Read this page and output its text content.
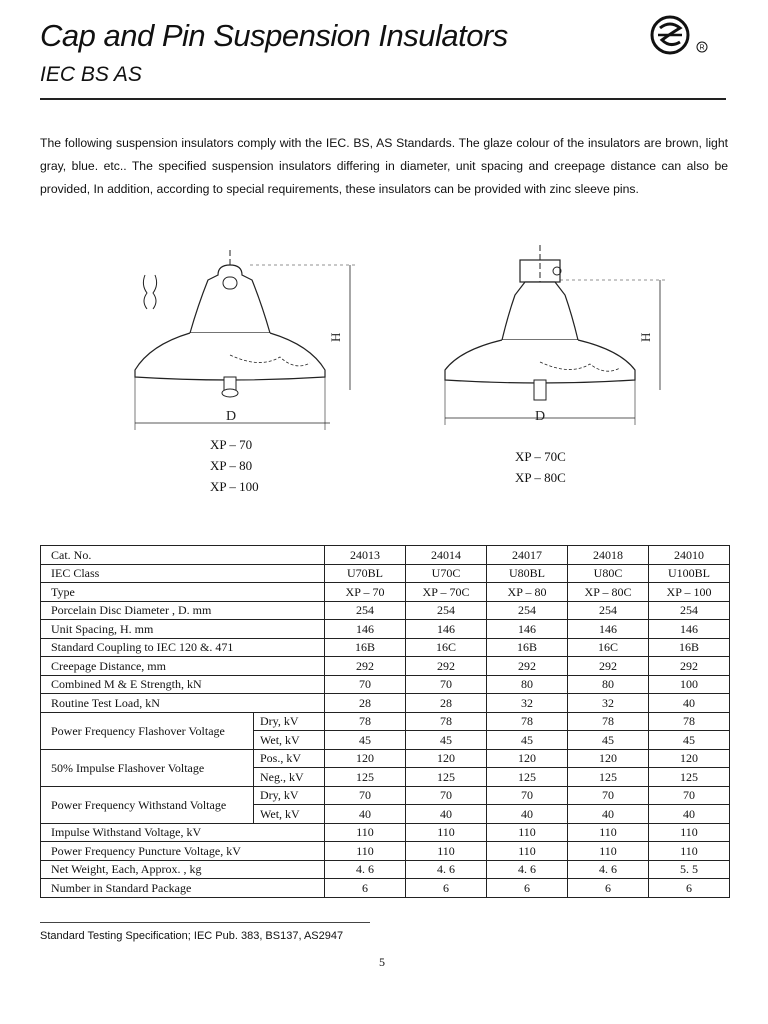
Cap and Pin Suspension Insulators
IEC BS AS
R

The following suspension insulators comply with the IEC. BS, AS Standards. The glaze colour of the insulators are brown, light gray, blue. etc.. The specified suspension insulators differing in diameter, unit spacing and creepage distance can also be provided, In addition, according to special requirements, these insulators can be provided with zinc sleeve pins.

H
D
H
D
XP – 70
XP – 80
XP – 100
XP – 70C
XP – 80C
Cat. No.		24013	24014	24017	24018	24010
IEC Class		U70BL	U70C	U80BL	U80C	U100BL
Type		XP – 70	XP – 70C	XP – 80	XP – 80C	XP – 100
Porcelain Disc Diameter , D. mm		254	254	254	254	254
Unit Spacing, H. mm		146	146	146	146	146
Standard Coupling to IEC 120 &. 471		16B	16C	16B	16C	16B
Creepage Distance, mm		292	292	292	292	292
Combined M & E Strength, kN		70	70	80	80	100
Routine Test Load, kN		28	28	32	32	40
Power Frequency Flashover Voltage	Dry, kV	78	78	78	78	78
	Wet, kV	45	45	45	45	45
50% Impulse Flashover Voltage	Pos., kV	120	120	120	120	120
	Neg., kV	125	125	125	125	125
Power Frequency Withstand Voltage	Dry, kV	70	70	70	70	70
	Wet, kV	40	40	40	40	40
Impulse Withstand Voltage, kV		110	110	110	110	110
Power Frequency Puncture Voltage, kV		110	110	110	110	110
Net Weight, Each, Approx. , kg		4. 6	4. 6	4. 6	4. 6	5. 5
Number in Standard Package		6	6	6	6	6
Standard Testing Specification; IEC Pub. 383, BS137, AS2947
5
